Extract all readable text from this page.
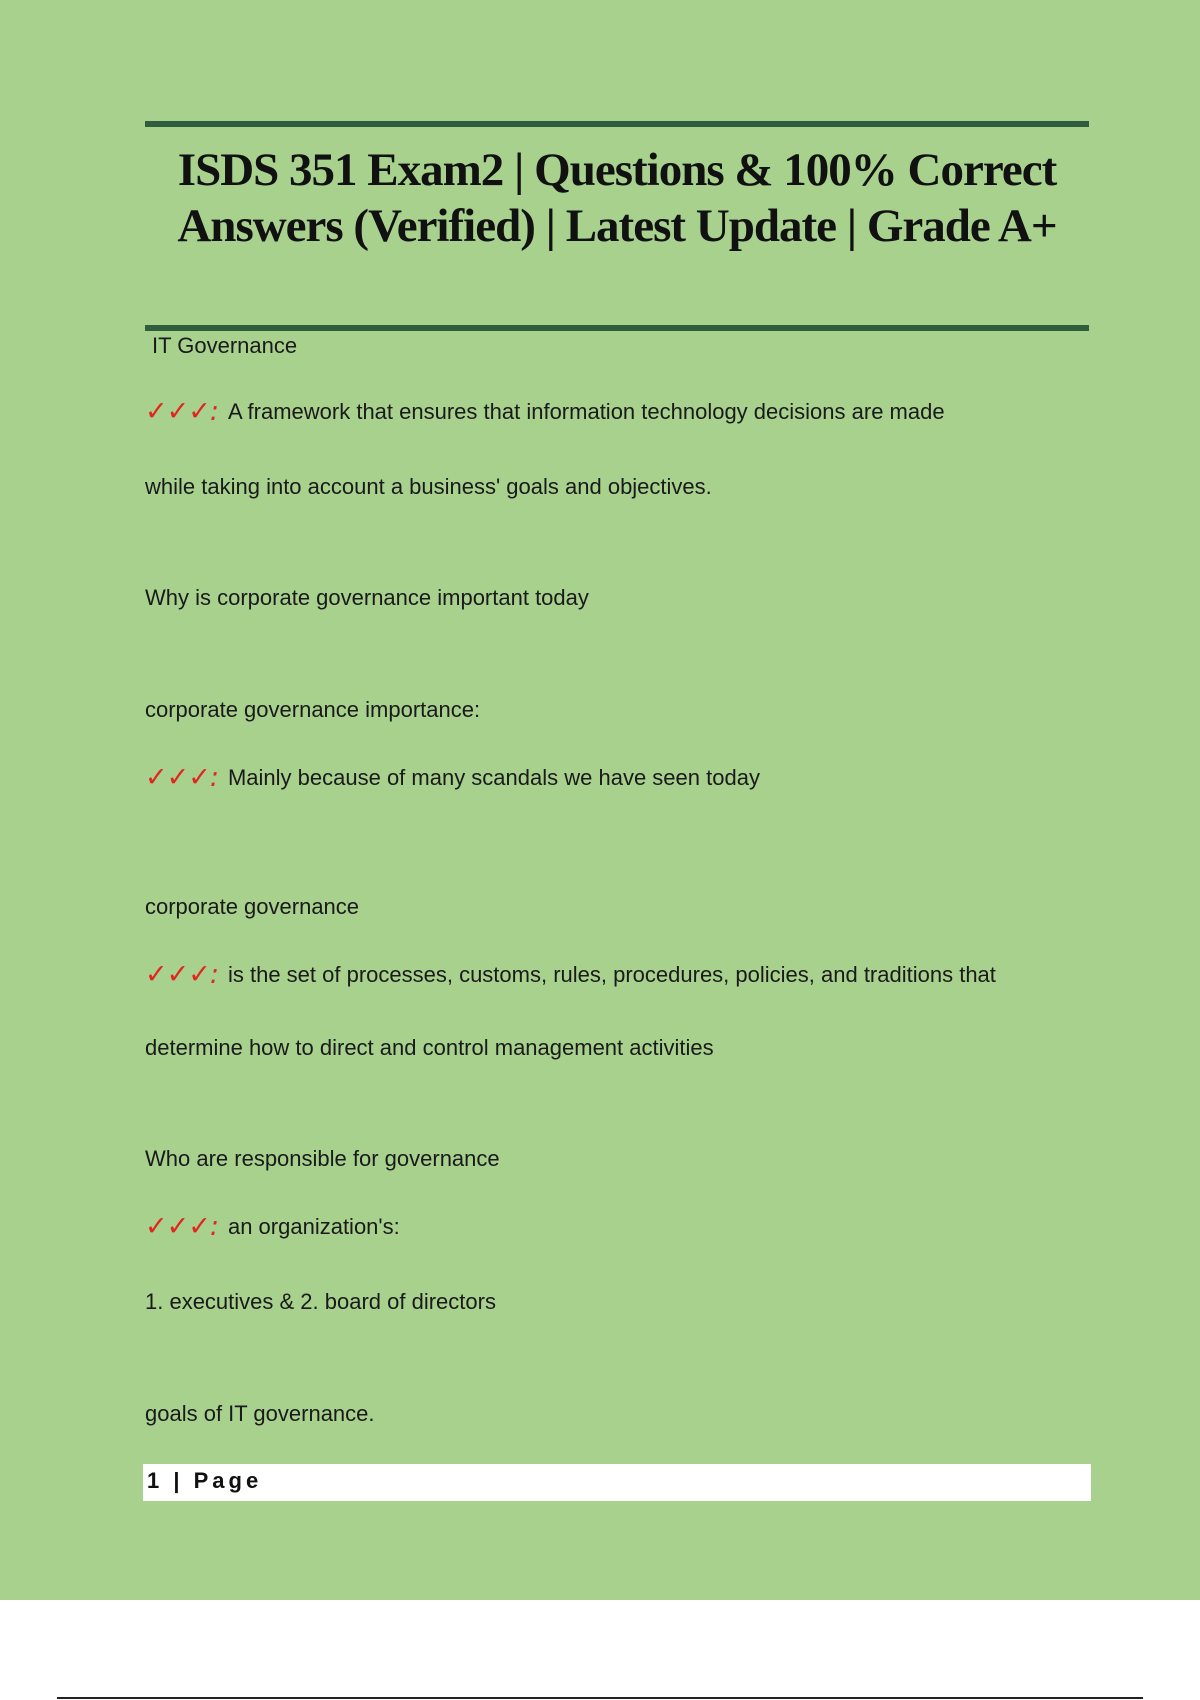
ISDS 351 Exam2 | Questions & 100% Correct
Answers (Verified) | Latest Update | Grade A+
IT Governance
✓✓✓: A framework that ensures that information technology decisions are made
while taking into account a business' goals and objectives.
Why is corporate governance important today
corporate governance importance:
✓✓✓: Mainly because of many scandals we have seen today
corporate governance
✓✓✓: is the set of processes, customs, rules, procedures, policies, and traditions that
determine how to direct and control management activities
Who are responsible for governance
✓✓✓: an organization's:
1. executives & 2. board of directors
goals of IT governance.
1 | Page
